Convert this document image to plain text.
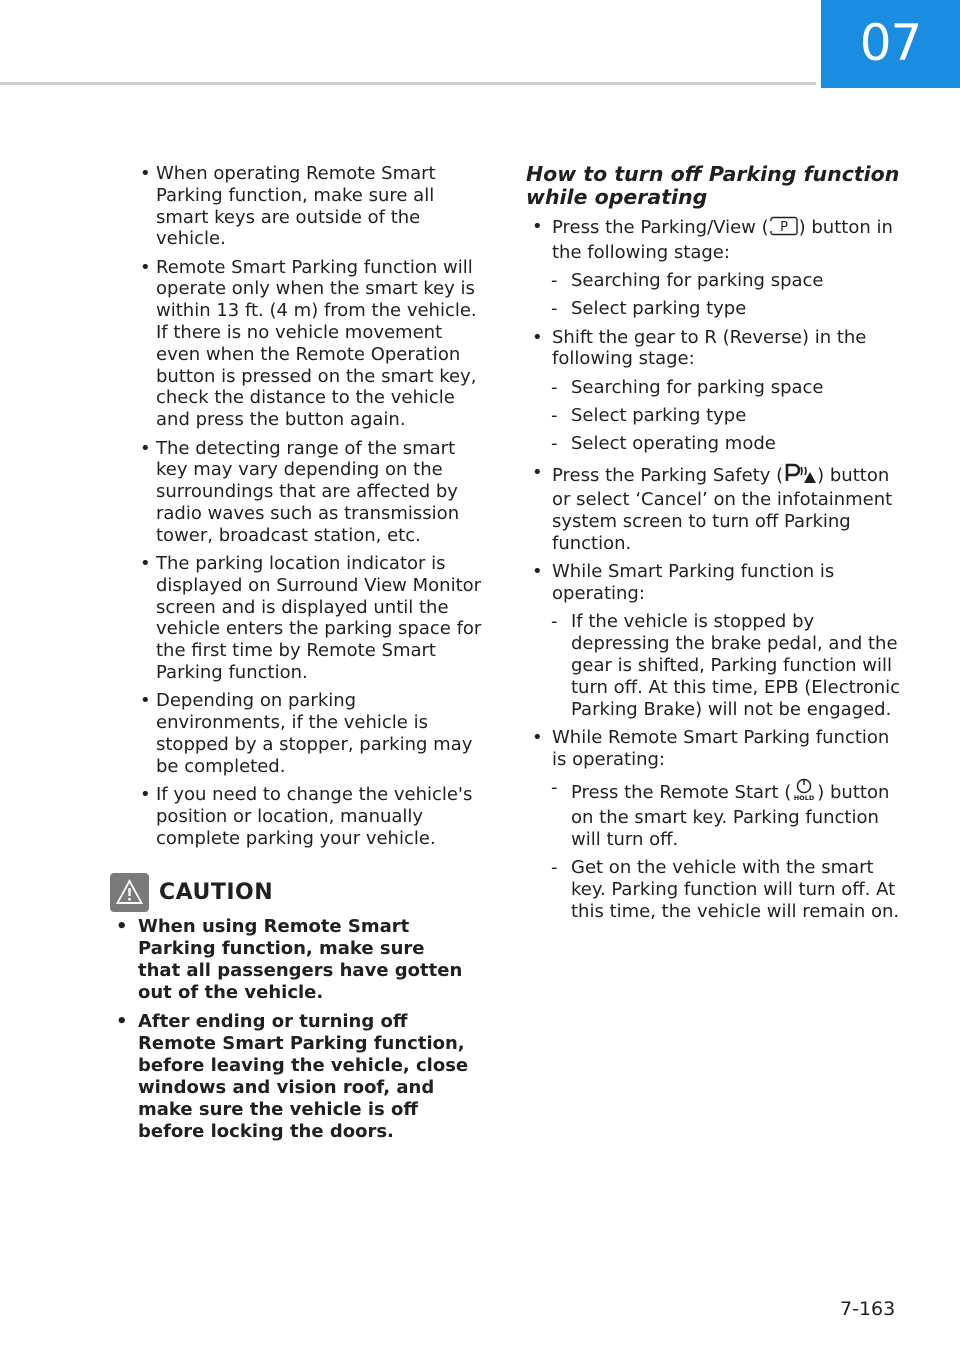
07
• When operating Remote Smart Parking function, make sure all smart keys are outside of the vehicle.
• Remote Smart Parking function will operate only when the smart key is within 13 ft. (4 m) from the vehicle. If there is no vehicle movement even when the Remote Operation button is pressed on the smart key, check the distance to the vehicle and press the button again.
• The detecting range of the smart key may vary depending on the surroundings that are affected by radio waves such as transmission tower, broadcast station, etc.
• The parking location indicator is displayed on Surround View Monitor screen and is displayed until the vehicle enters the parking space for the first time by Remote Smart Parking function.
• Depending on parking environments, if the vehicle is stopped by a stopper, parking may be completed.
• If you need to change the vehicle's position or location, manually complete parking your vehicle.
CAUTION
• When using Remote Smart Parking function, make sure that all passengers have gotten out of the vehicle.
• After ending or turning off Remote Smart Parking function, before leaving the vehicle, close windows and vision roof, and make sure the vehicle is off before locking the doors.
How to turn off Parking function while operating
• Press the Parking/View ( P ) button in the following stage:
- Searching for parking space
- Select parking type
• Shift the gear to R (Reverse) in the following stage:
- Searching for parking space
- Select parking type
- Select operating mode
• Press the Parking Safety ( ) button or select ‘Cancel’ on the infotainment system screen to turn off Parking function.
• While Smart Parking function is operating:
- If the vehicle is stopped by depressing the brake pedal, and the gear is shifted, Parking function will turn off. At this time, EPB (Electronic Parking Brake) will not be engaged.
• While Remote Smart Parking function is operating:
- Press the Remote Start ( HOLD ) button on the smart key. Parking function will turn off.
- Get on the vehicle with the smart key. Parking function will turn off. At this time, the vehicle will remain on.
7-163
